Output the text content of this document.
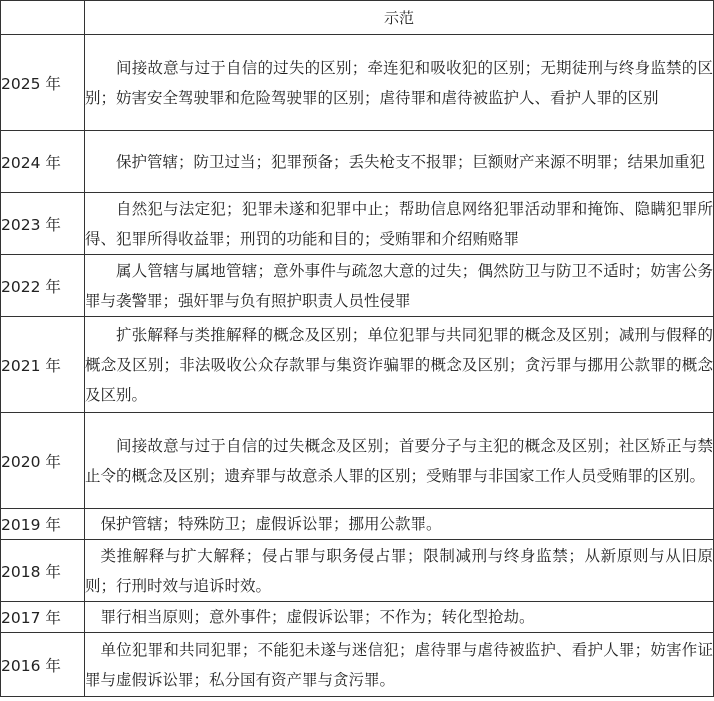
	示范
2025 年	间接故意与过于自信的过失的区别；牵连犯和吸收犯的区别；无期徒刑与终身监禁的区别；妨害安全驾驶罪和危险驾驶罪的区别；虐待罪和虐待被监护人、看护人罪的区别

2024 年	保护管辖；防卫过当；犯罪预备；丢失枪支不报罪；巨额财产来源不明罪；结果加重犯

2023 年	自然犯与法定犯；犯罪未遂和犯罪中止；帮助信息网络犯罪活动罪和掩饰、隐瞒犯罪所得、犯罪所得收益罪；刑罚的功能和目的；受贿罪和介绍贿赂罪

2022 年	属人管辖与属地管辖；意外事件与疏忽大意的过失；偶然防卫与防卫不适时；妨害公务罪与袭警罪；强奸罪与负有照护职责人员性侵罪

2021 年	扩张解释与类推解释的概念及区别；单位犯罪与共同犯罪的概念及区别；减刑与假释的概念及区别；非法吸收公众存款罪与集资诈骗罪的概念及区别；贪污罪与挪用公款罪的概念及区别。

2020 年	间接故意与过于自信的过失概念及区别；首要分子与主犯的概念及区别；社区矫正与禁止令的概念及区别；遗弃罪与故意杀人罪的区别；受贿罪与非国家工作人员受贿罪的区别。

2019 年	保护管辖；特殊防卫；虚假诉讼罪；挪用公款罪。

2018 年	类推解释与扩大解释；侵占罪与职务侵占罪；限制减刑与终身监禁；从新原则与从旧原则；行刑时效与追诉时效。

2017 年	罪行相当原则；意外事件；虚假诉讼罪；不作为；转化型抢劫。

2016 年	单位犯罪和共同犯罪；不能犯未遂与迷信犯；虐待罪与虐待被监护、看护人罪；妨害作证罪与虚假诉讼罪；私分国有资产罪与贪污罪。
